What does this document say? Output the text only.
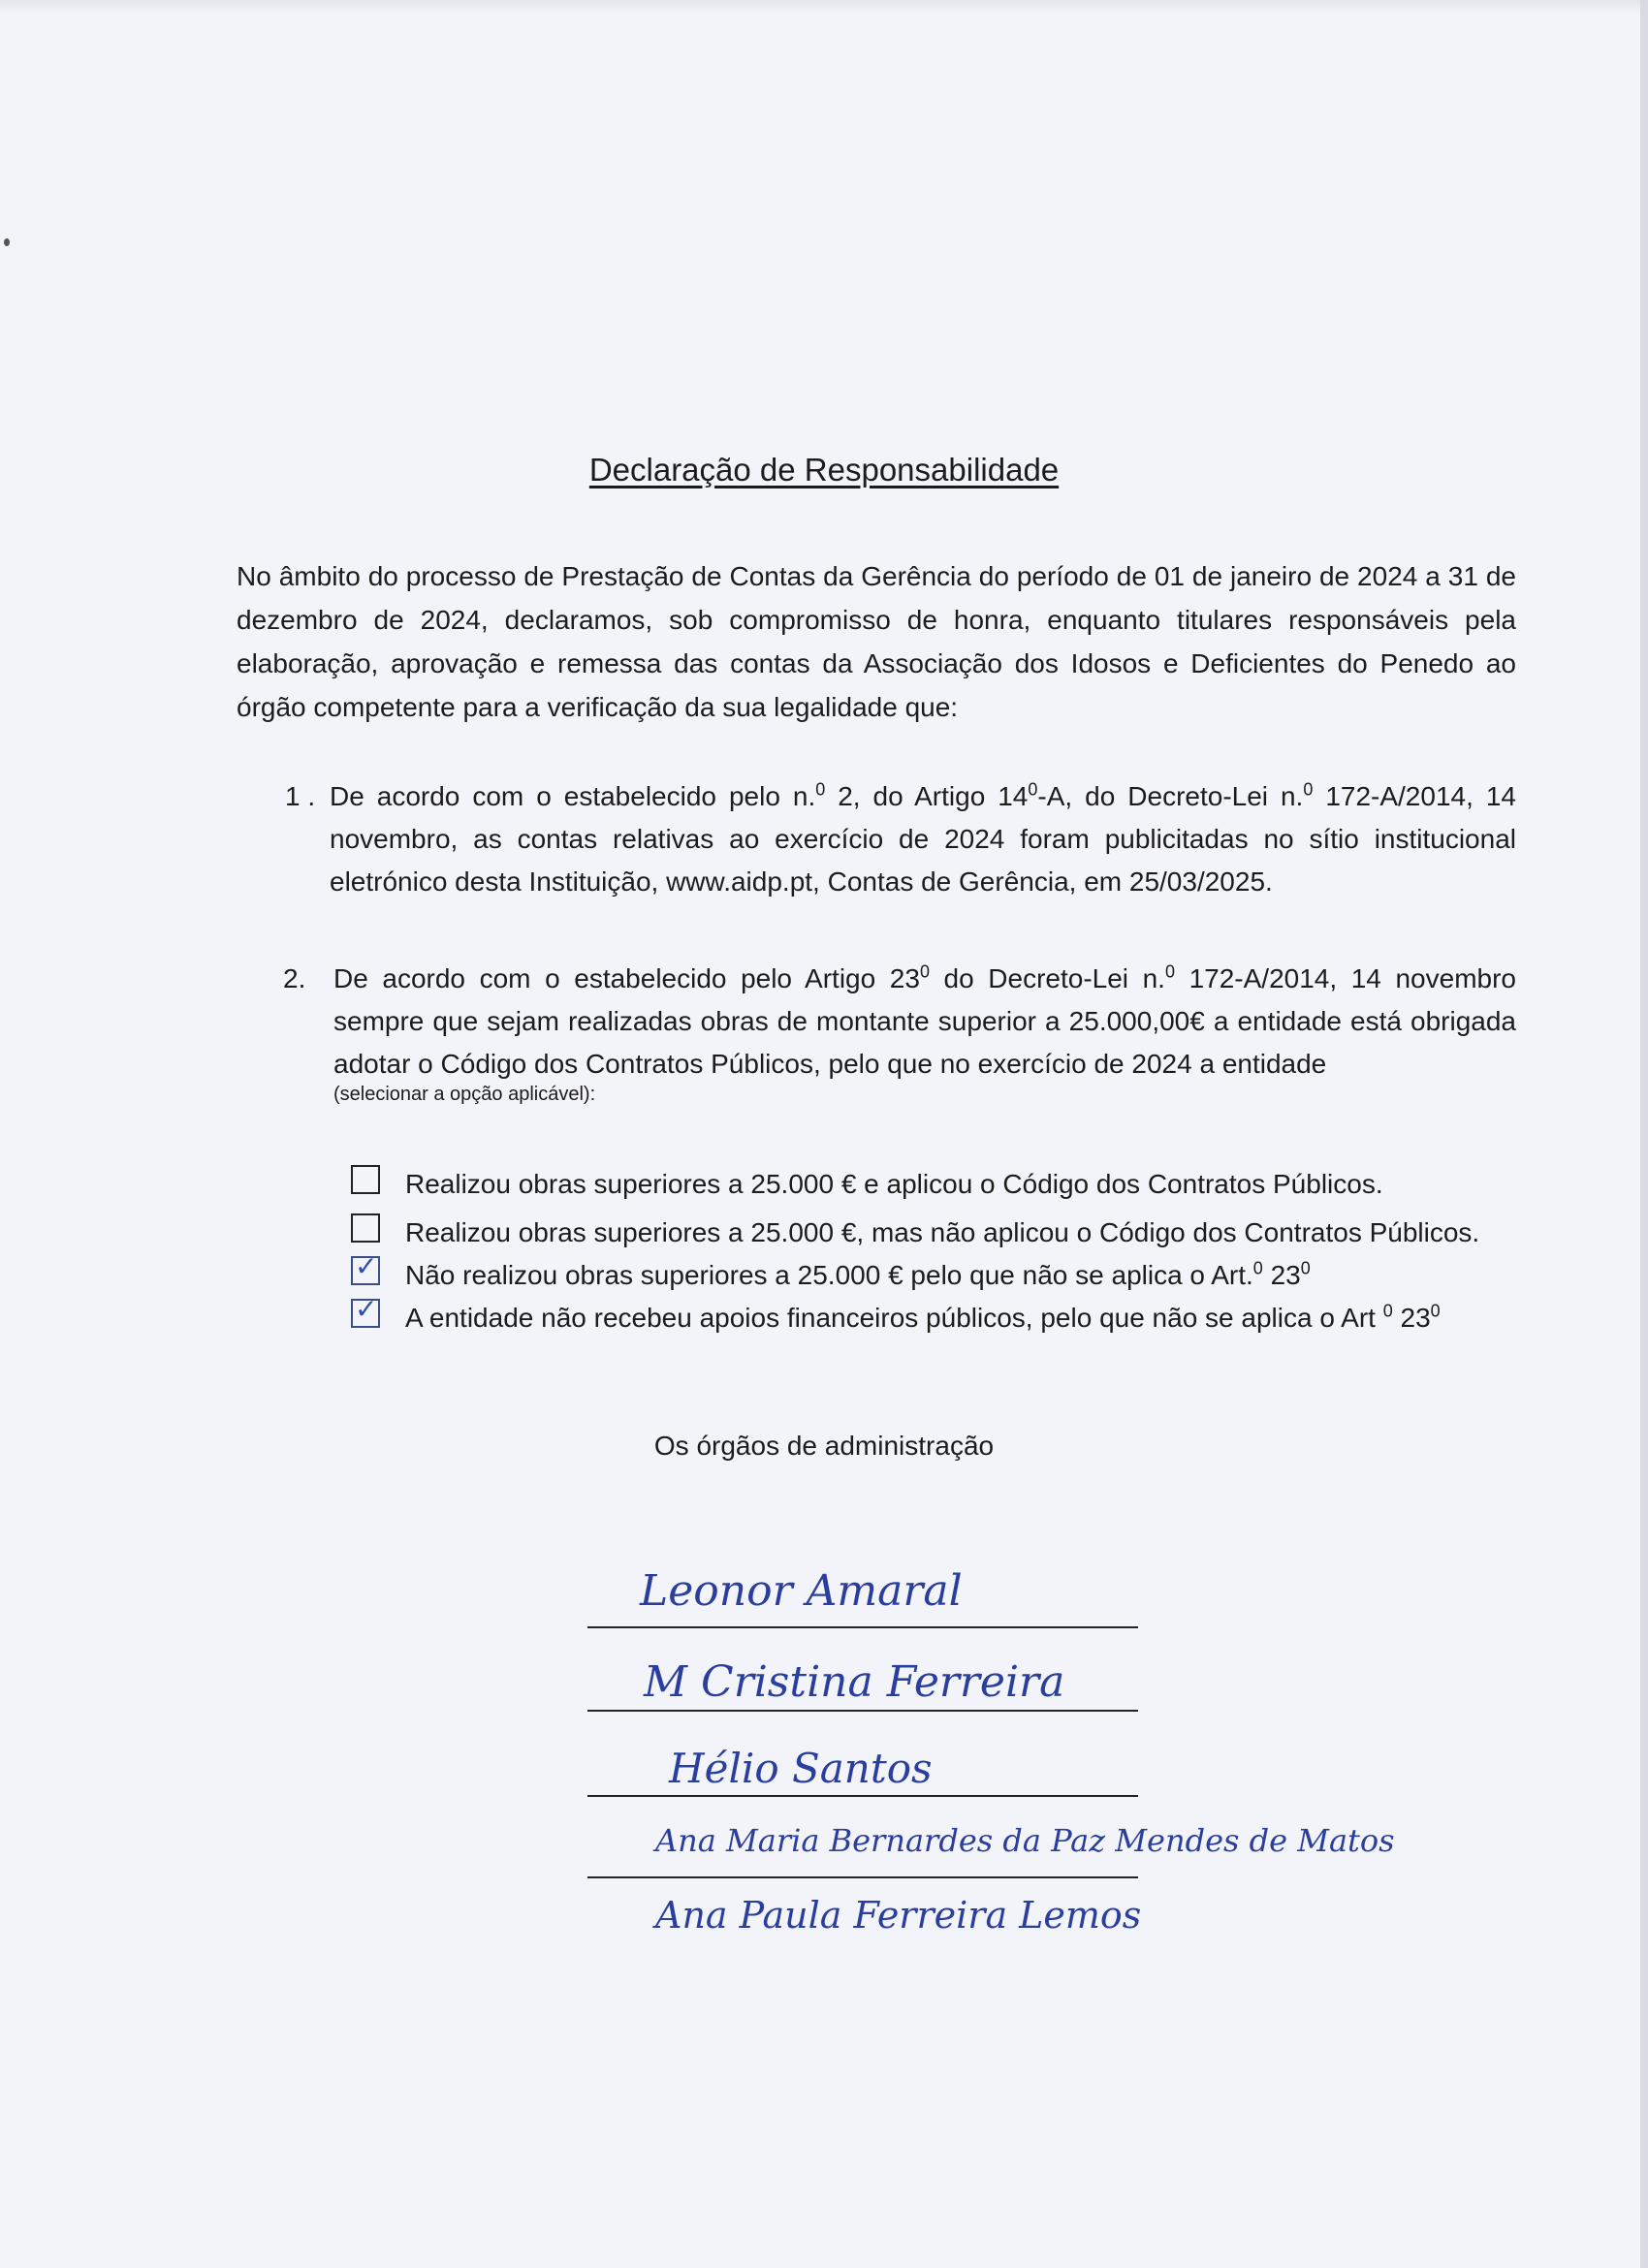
Declaração de Responsabilidade
No âmbito do processo de Prestação de Contas da Gerência do período de 01 de janeiro de 2024 a 31 de dezembro de 2024, declaramos, sob compromisso de honra, enquanto titulares responsáveis pela elaboração, aprovação e remessa das contas da Associação dos Idosos e Deficientes do Penedo ao órgão competente para a verificação da sua legalidade que:
1 . De acordo com o estabelecido pelo n.$^0$ 2, do Artigo $14^0-A$, do Decreto-Lei n.$^0$ 172-A/2014, 14 novembro, as contas relativas ao exercício de 2024 foram publicitadas no sítio institucional eletrónico desta Instituição, www.aidp.pt, Contas de Gerência, em 25/03/2025.
2. De acordo com o estabelecido pelo Artigo $23^0$ do Decreto-Lei n.$^0$ 172-A/2014, 14 novembro sempre que sejam realizadas obras de montante superior a 25.000,00€ a entidade está obrigada adotar o Código dos Contratos Públicos, pelo que no exercício de 2024 a entidade
(selecionar a opção aplicável):
Realizou obras superiores a 25.000 € e aplicou o Código dos Contratos Públicos.
Realizou obras superiores a 25.000 €, mas não aplicou o Código dos Contratos Públicos.
✓ Não realizou obras superiores a 25.000 € pelo que não se aplica o Art.$^0$ $23^0$
✓ A entidade não recebeu apoios financeiros públicos, pelo que não se aplica o Art $^0$ $23^0$
Os órgãos de administração
Leonor Amaral
M Cristina Ferreira
Hélio Santos
Ana Maria Bernardes da Paz Mendes de Matos
Ana Paula Ferreira Lemos
